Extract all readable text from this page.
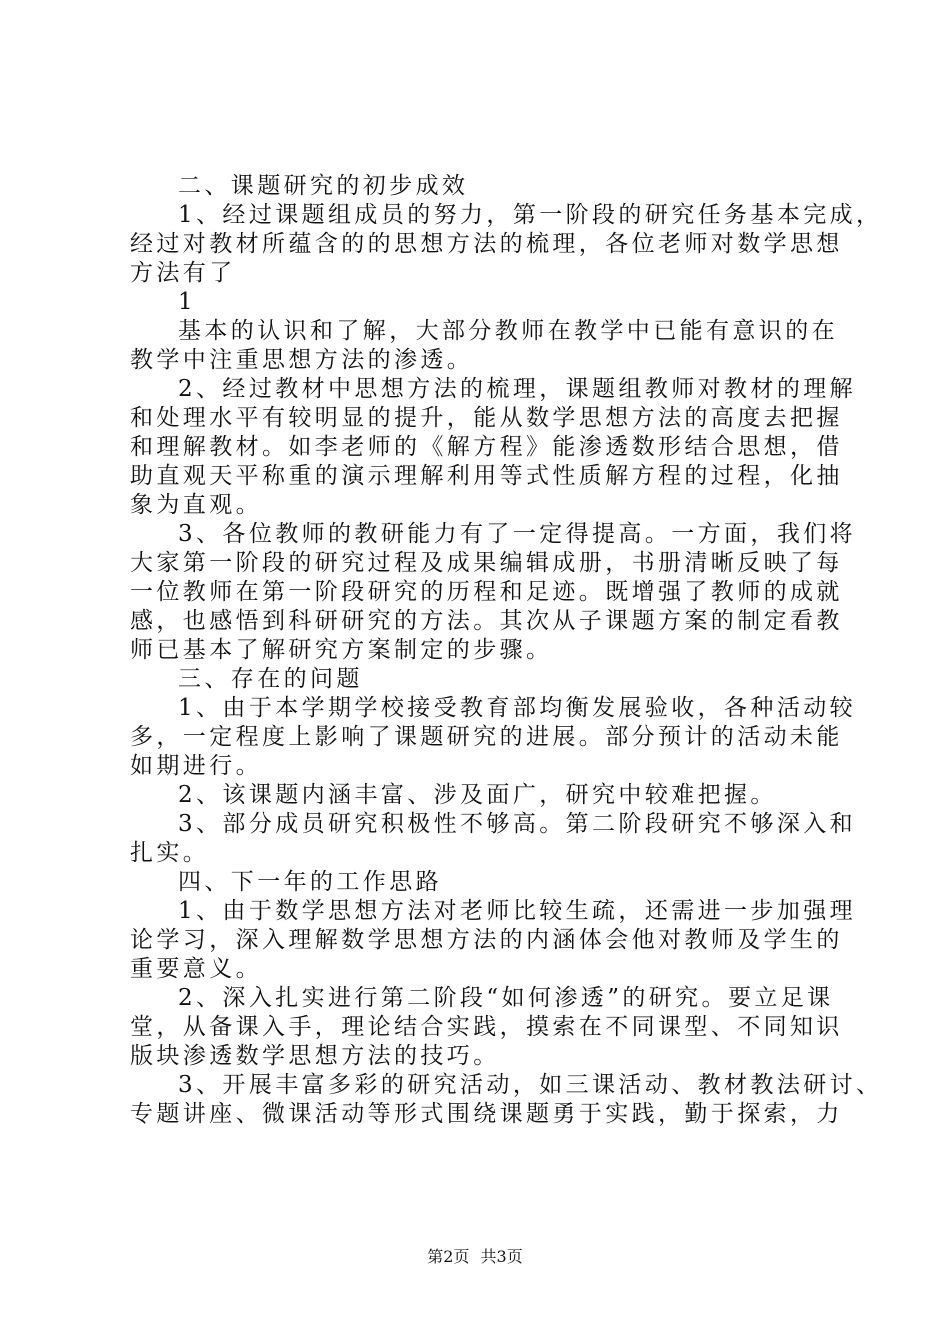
二、课题研究的初步成效
1、经过课题组成员的努力，第一阶段的研究任务基本完成，
经过对教材所蕴含的的思想方法的梳理，各位老师对数学思想
方法有了
1
基本的认识和了解，大部分教师在教学中已能有意识的在
教学中注重思想方法的渗透。
2、经过教材中思想方法的梳理，课题组教师对教材的理解
和处理水平有较明显的提升，能从数学思想方法的高度去把握
和理解教材。如李老师的《解方程》能渗透数形结合思想，借
助直观天平称重的演示理解利用等式性质解方程的过程，化抽
象为直观。
3、各位教师的教研能力有了一定得提高。一方面，我们将
大家第一阶段的研究过程及成果编辑成册，书册清晰反映了每
一位教师在第一阶段研究的历程和足迹。既增强了教师的成就
感，也感悟到科研研究的方法。其次从子课题方案的制定看教
师已基本了解研究方案制定的步骤。
三、存在的问题
1、由于本学期学校接受教育部均衡发展验收，各种活动较
多，一定程度上影响了课题研究的进展。部分预计的活动未能
如期进行。
2、该课题内涵丰富、涉及面广，研究中较难把握。
3、部分成员研究积极性不够高。第二阶段研究不够深入和
扎实。
四、下一年的工作思路
1、由于数学思想方法对老师比较生疏，还需进一步加强理
论学习，深入理解数学思想方法的内涵体会他对教师及学生的
重要意义。
2、深入扎实进行第二阶段“如何渗透”的研究。要立足课
堂，从备课入手，理论结合实践，摸索在不同课型、不同知识
版块渗透数学思想方法的技巧。
3、开展丰富多彩的研究活动，如三课活动、教材教法研讨、
专题讲座、微课活动等形式围绕课题勇于实践，勤于探索，力
第2页 共3页
